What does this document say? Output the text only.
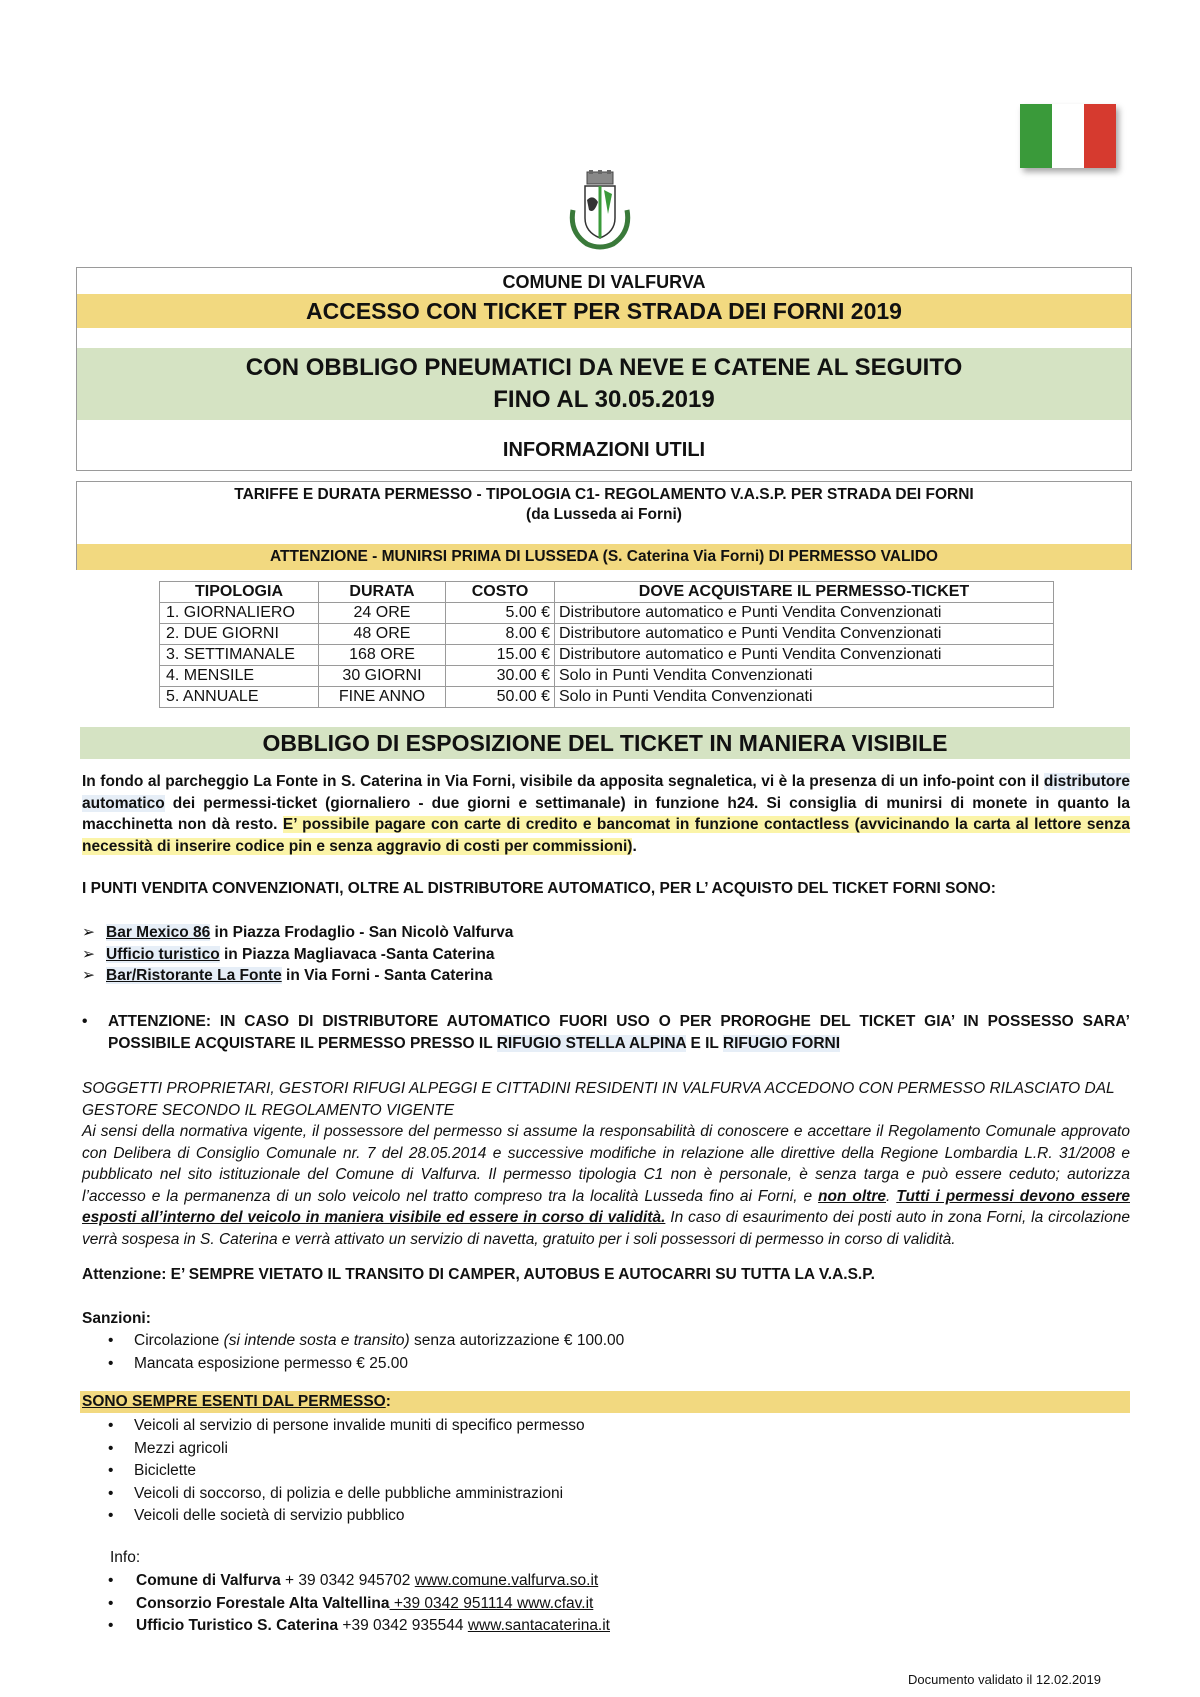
COMUNE DI VALFURVA
ACCESSO CON TICKET PER STRADA DEI FORNI 2019
CON OBBLIGO PNEUMATICI DA NEVE E CATENE AL SEGUITO
FINO AL 30.05.2019
INFORMAZIONI UTILI
TARIFFE E DURATA PERMESSO - TIPOLOGIA C1- REGOLAMENTO V.A.S.P. PER STRADA DEI FORNI
(da Lusseda ai Forni)
ATTENZIONE - MUNIRSI PRIMA DI LUSSEDA (S. Caterina Via Forni) DI PERMESSO VALIDO
TIPOLOGIA	DURATA	COSTO	DOVE ACQUISTARE IL PERMESSO-TICKET
1. GIORNALIERO	24 ORE	5.00 €	Distributore automatico e Punti Vendita Convenzionati
2. DUE GIORNI	48 ORE	8.00 €	Distributore automatico e Punti Vendita Convenzionati
3. SETTIMANALE	168 ORE	15.00 €	Distributore automatico e Punti Vendita Convenzionati
4. MENSILE	30 GIORNI	30.00 €	Solo in Punti Vendita Convenzionati
5. ANNUALE	FINE ANNO	50.00 €	Solo in Punti Vendita Convenzionati
OBBLIGO DI ESPOSIZIONE DEL TICKET IN MANIERA VISIBILE
In fondo al parcheggio La Fonte in S. Caterina in Via Forni, visibile da apposita segnaletica, vi è la presenza di un info-point con il distributore automatico dei permessi-ticket (giornaliero - due giorni e settimanale) in funzione h24. Si consiglia di munirsi di monete in quanto la macchinetta non dà resto. E’ possibile pagare con carte di credito e bancomat in funzione contactless (avvicinando la carta al lettore senza necessità di inserire codice pin e senza aggravio di costi per commissioni).
I PUNTI VENDITA CONVENZIONATI, OLTRE AL DISTRIBUTORE AUTOMATICO, PER L’ ACQUISTO DEL TICKET FORNI SONO:
➢ Bar Mexico 86 in Piazza Frodaglio - San Nicolò Valfurva
➢ Ufficio turistico in Piazza Magliavaca -Santa Caterina
➢ Bar/Ristorante La Fonte in Via Forni - Santa Caterina
• ATTENZIONE: IN CASO DI DISTRIBUTORE AUTOMATICO FUORI USO O PER PROROGHE DEL TICKET GIA’ IN POSSESSO SARA’ POSSIBILE ACQUISTARE IL PERMESSO PRESSO IL RIFUGIO STELLA ALPINA E IL RIFUGIO FORNI
SOGGETTI PROPRIETARI, GESTORI RIFUGI ALPEGGI E CITTADINI RESIDENTI IN VALFURVA ACCEDONO CON PERMESSO RILASCIATO DAL GESTORE SECONDO IL REGOLAMENTO VIGENTE
Ai sensi della normativa vigente, il possessore del permesso si assume la responsabilità di conoscere e accettare il Regolamento Comunale approvato con Delibera di Consiglio Comunale nr. 7 del 28.05.2014 e successive modifiche in relazione alle direttive della Regione Lombardia L.R. 31/2008 e pubblicato nel sito istituzionale del Comune di Valfurva. Il permesso tipologia C1 non è personale, è senza targa e può essere ceduto; autorizza l’accesso e la permanenza di un solo veicolo nel tratto compreso tra la località Lusseda fino ai Forni, e non oltre. Tutti i permessi devono essere esposti all’interno del veicolo in maniera visibile ed essere in corso di validità. In caso di esaurimento dei posti auto in zona Forni, la circolazione verrà sospesa in S. Caterina e verrà attivato un servizio di navetta, gratuito per i soli possessori di permesso in corso di validità.
Attenzione: E’ SEMPRE VIETATO IL TRANSITO DI CAMPER, AUTOBUS E AUTOCARRI SU TUTTA LA V.A.S.P.
Sanzioni:
• Circolazione (si intende sosta e transito) senza autorizzazione € 100.00
• Mancata esposizione permesso € 25.00
SONO SEMPRE ESENTI DAL PERMESSO:
• Veicoli al servizio di persone invalide muniti di specifico permesso
• Mezzi agricoli
• Biciclette
• Veicoli di soccorso, di polizia e delle pubbliche amministrazioni
• Veicoli delle società di servizio pubblico
Info:
• Comune di Valfurva + 39 0342 945702 www.comune.valfurva.so.it
• Consorzio Forestale Alta Valtellina +39 0342 951114 www.cfav.it
• Ufficio Turistico S. Caterina +39 0342 935544 www.santacaterina.it
Documento validato il 12.02.2019
